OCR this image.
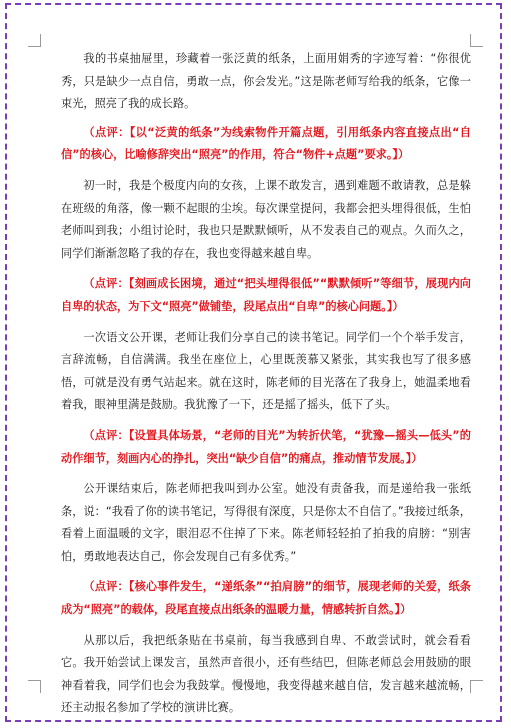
我的书桌抽屉里，珍藏着一张泛黄的纸条，上面用娟秀的字迹写着：“你很优秀，只是缺少一点自信，勇敢一点，你会发光。”这是陈老师写给我的纸条，它像一束光，照亮了我的成长路。

（点评：【以“泛黄的纸条”为线索物件开篇点题，引用纸条内容直接点出“自信”的核心，比喻修辞突出“照亮”的作用，符合“物件+点题”要求。】）

初一时，我是个极度内向的女孩，上课不敢发言，遇到难题不敢请教，总是躲在班级的角落，像一颗不起眼的尘埃。每次课堂提问，我都会把头埋得很低，生怕老师叫到我；小组讨论时，我也只是默默倾听，从不发表自己的观点。久而久之，同学们渐渐忽略了我的存在，我也变得越来越自卑。

（点评：【刻画成长困境，通过“把头埋得很低”“默默倾听”等细节，展现内向自卑的状态，为下文“照亮”做铺垫，段尾点出“自卑”的核心问题。】）

一次语文公开课，老师让我们分享自己的读书笔记。同学们一个个举手发言，言辞流畅，自信满满。我坐在座位上，心里既羡慕又紧张，其实我也写了很多感悟，可就是没有勇气站起来。就在这时，陈老师的目光落在了我身上，她温柔地看着我，眼神里满是鼓励。我犹豫了一下，还是摇了摇头，低下了头。

（点评：【设置具体场景，“老师的目光”为转折伏笔，“犹豫—摇头—低头”的动作细节，刻画内心的挣扎，突出“缺少自信”的痛点，推动情节发展。】）

公开课结束后，陈老师把我叫到办公室。她没有责备我，而是递给我一张纸条，说：“我看了你的读书笔记，写得很有深度，只是你太不自信了。”我接过纸条，看着上面温暖的文字，眼泪忍不住掉了下来。陈老师轻轻拍了拍我的肩膀：“别害怕，勇敢地表达自己，你会发现自己有多优秀。”

（点评：【核心事件发生，“递纸条”“拍肩膀”的细节，展现老师的关爱，纸条成为“照亮”的载体，段尾直接点出纸条的温暖力量，情感转折自然。】）

从那以后，我把纸条贴在书桌前，每当我感到自卑、不敢尝试时，就会看看它。我开始尝试上课发言，虽然声音很小，还有些结巴，但陈老师总会用鼓励的眼神看着我，同学们也会为我鼓掌。慢慢地，我变得越来越自信，发言越来越流畅，还主动报名参加了学校的演讲比赛。
